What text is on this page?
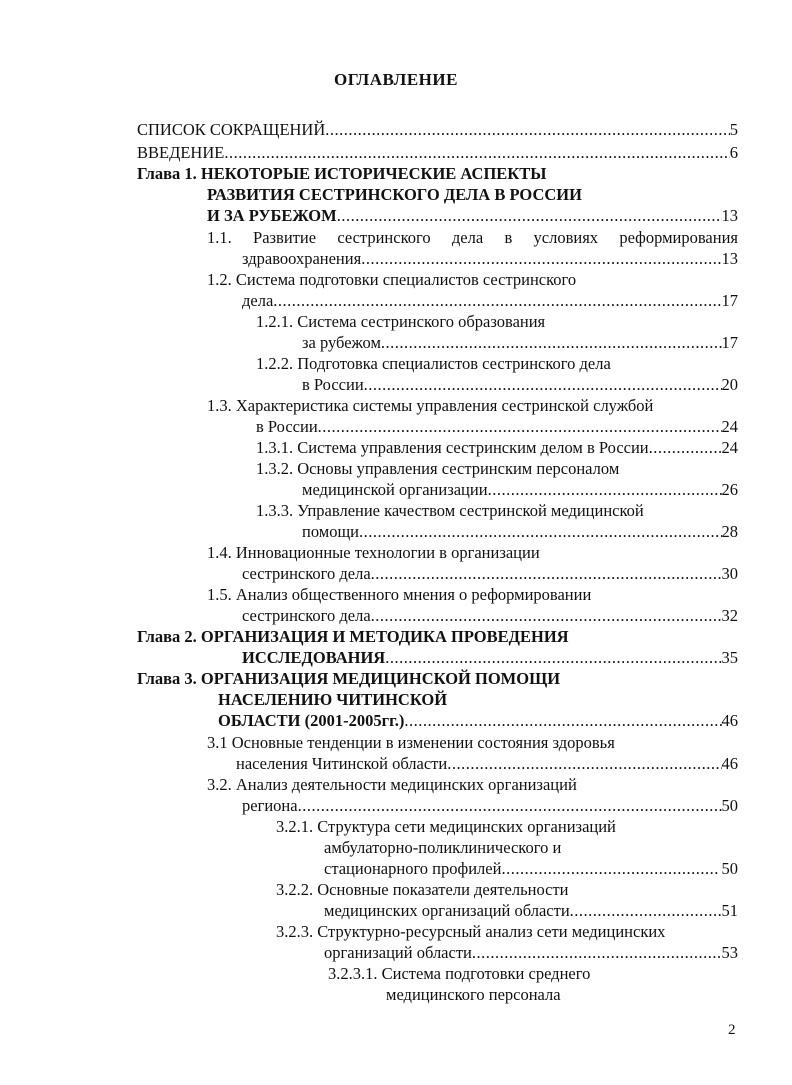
ОГЛАВЛЕНИЕ
СПИСОК СОКРАЩЕНИЙ .....	5
ВВЕДЕНИЕ .....	6
Глава 1. НЕКОТОРЫЕ ИСТОРИЧЕСКИЕ АСПЕКТЫ
РАЗВИТИЯ СЕСТРИНСКОГО ДЕЛА В РОССИИ
И ЗА РУБЕЖОМ .....	13
1.1. Развитие сестринского дела в условиях реформирования
здравоохранения .....	13
1.2. Система подготовки специалистов сестринского
дела .....	17
1.2.1. Система сестринского образования
за рубежом .....	17
1.2.2. Подготовка специалистов сестринского дела
в России .....	20
1.3. Характеристика системы управления сестринской службой
в России .....	24
1.3.1. Система управления сестринским делом в России .....	24
1.3.2. Основы управления сестринским персоналом
медицинской организации .....	26
1.3.3. Управление качеством сестринской медицинской
помощи .....	28
1.4. Инновационные технологии в организации
сестринского дела .....	30
1.5. Анализ общественного мнения о реформировании
сестринского дела .....	32
Глава 2. ОРГАНИЗАЦИЯ И МЕТОДИКА ПРОВЕДЕНИЯ
ИССЛЕДОВАНИЯ .....	35
Глава 3. ОРГАНИЗАЦИЯ МЕДИЦИНСКОЙ ПОМОЩИ
НАСЕЛЕНИЮ ЧИТИНСКОЙ
ОБЛАСТИ (2001-2005гг.) .....	46
3.1 Основные тенденции в изменении состояния здоровья
населения Читинской области .....	46
3.2. Анализ деятельности медицинских организаций
региона .....	50
3.2.1. Структура сети медицинских организаций
амбулаторно-поликлинического и
стационарного профилей .....	50
3.2.2. Основные показатели деятельности
медицинских организаций области .....	51
3.2.3. Структурно-ресурсный анализ сети медицинских
организаций области .....	53
3.2.3.1. Система подготовки среднего
медицинского персонала
2
